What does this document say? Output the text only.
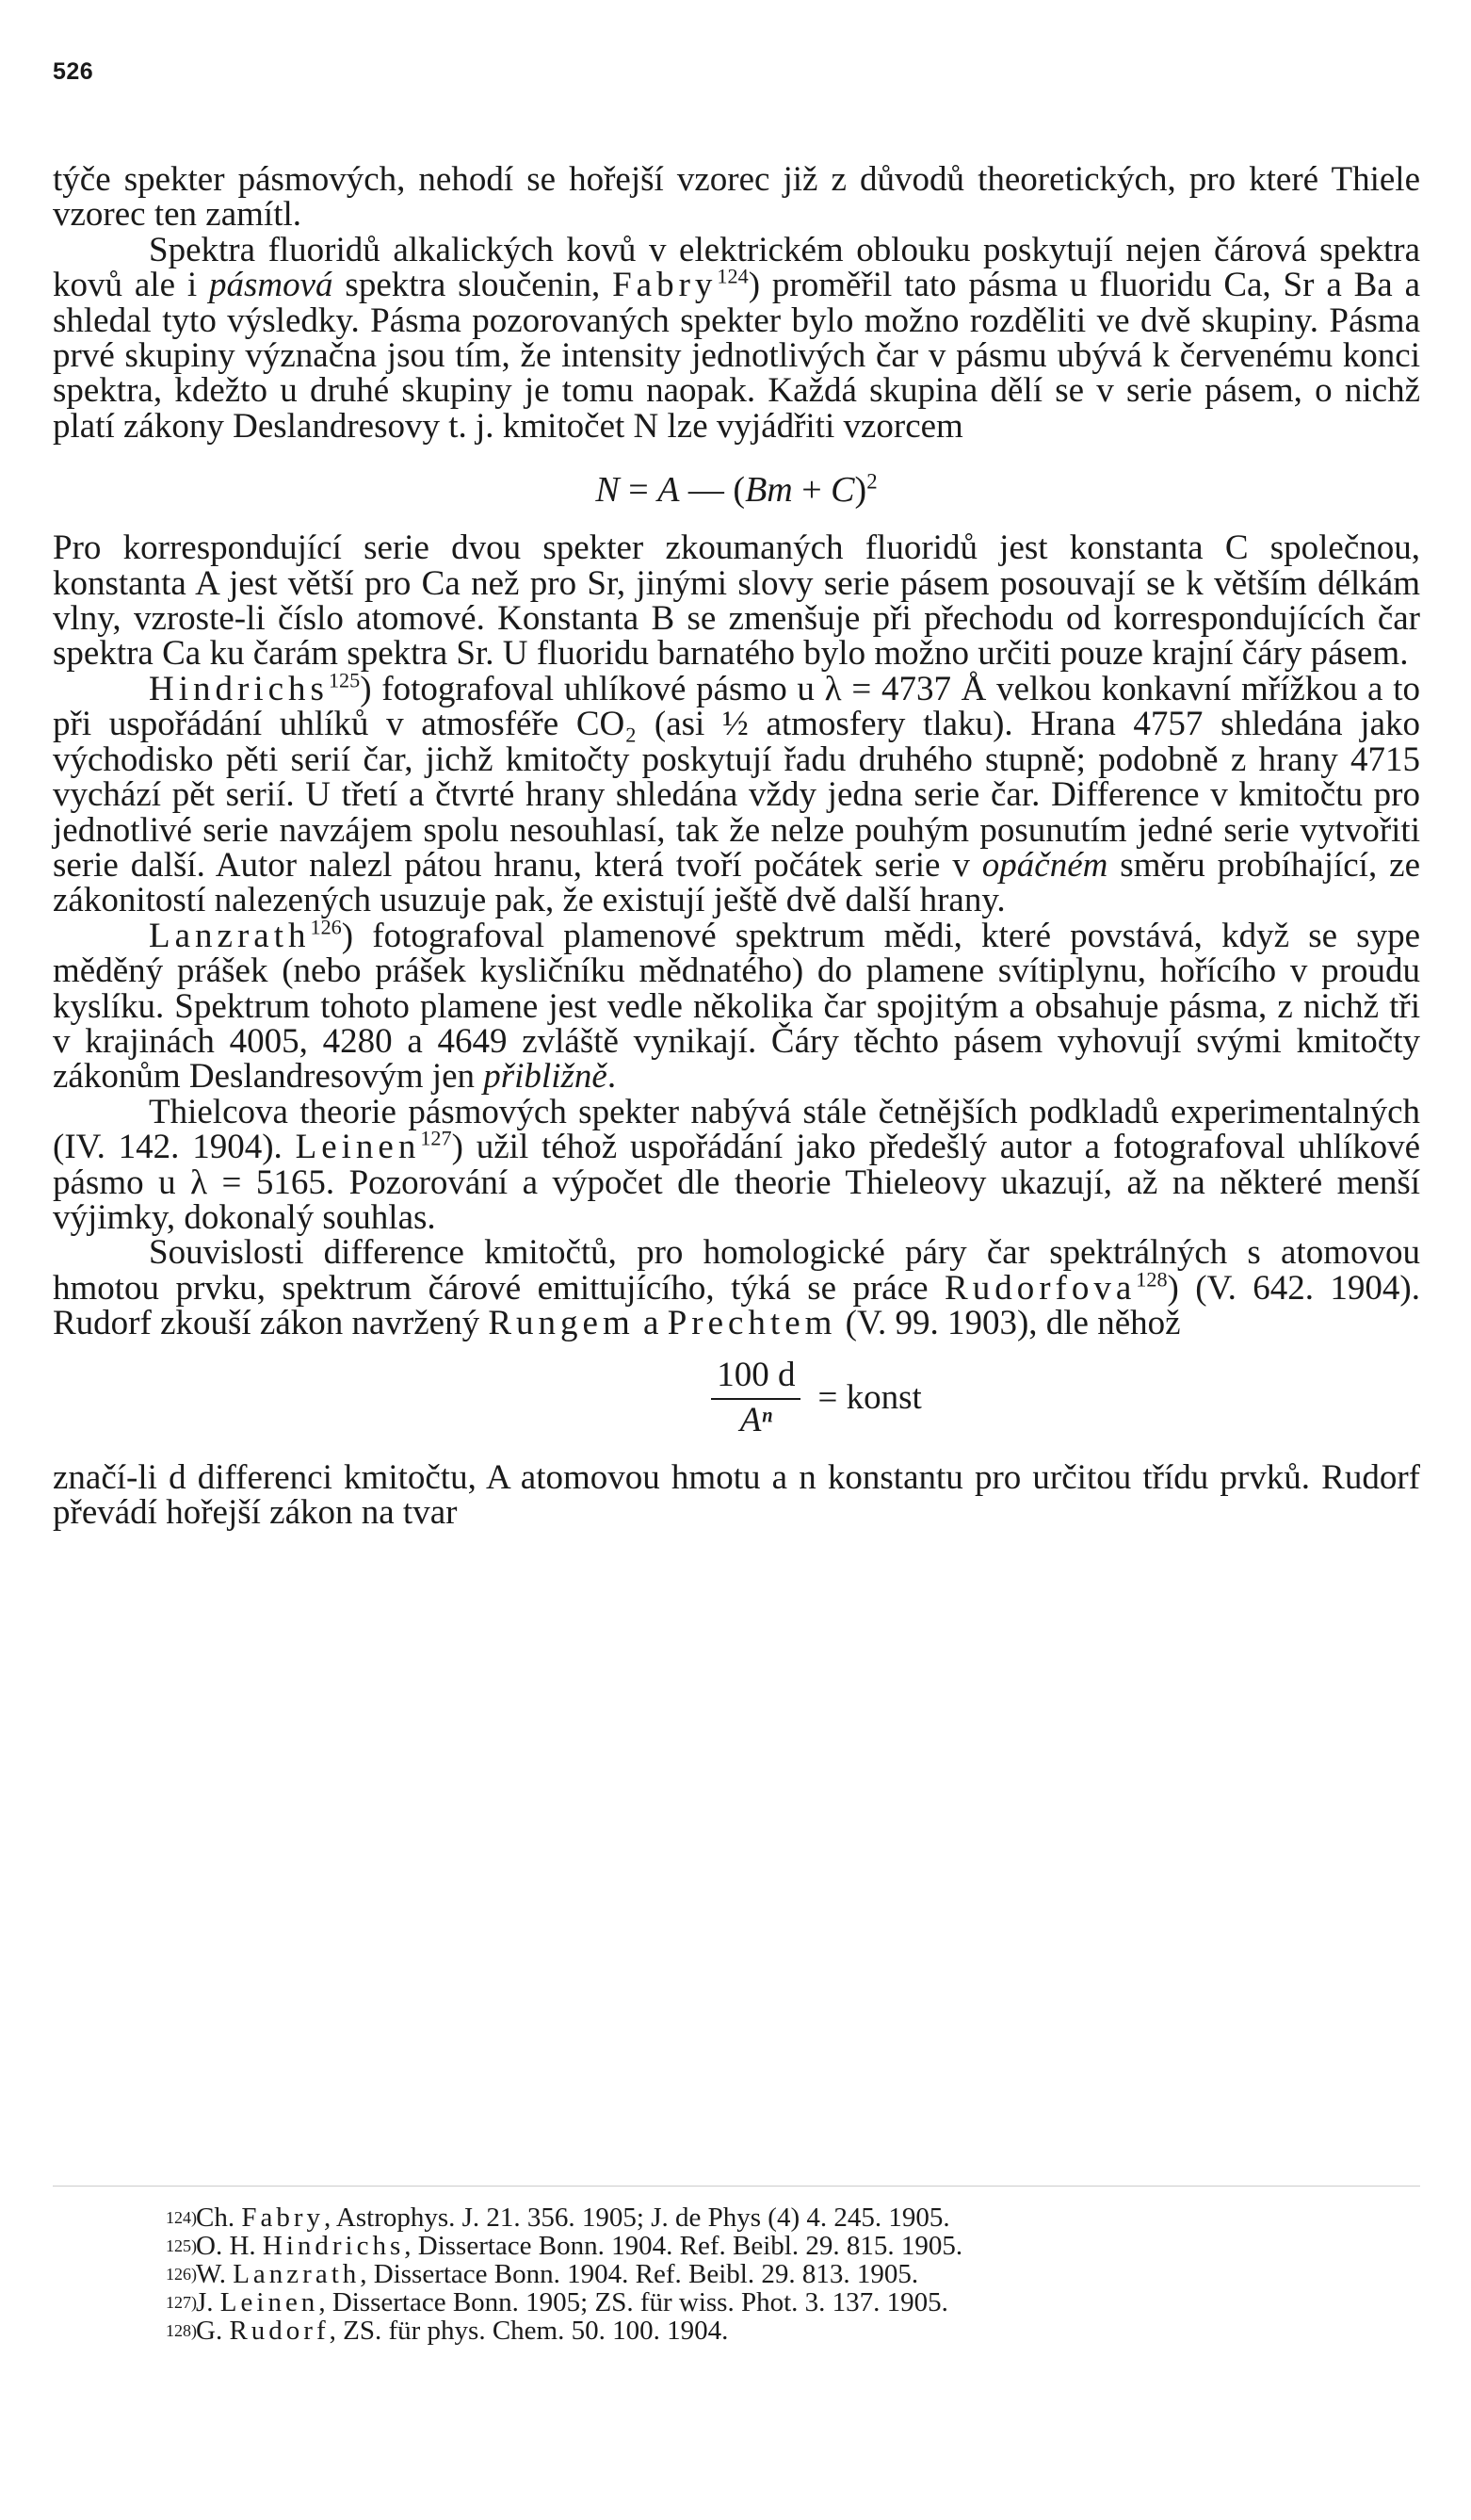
526

týče spekter pásmových, nehodí se hořejší vzorec již z důvodů theoretických, pro které Thiele vzorec ten zamítl.

Spektra fluoridů alkalických kovů v elektrickém oblouku poskytují nejen čárová spektra kovů ale i pásmová spektra sloučenin, Fabry$^{124}$) proměřil tato pásma u fluoridu Ca, Sr a Ba a shledal tyto výsledky. Pásma pozorovaných spekter bylo možno rozděliti ve dvě skupiny. Pásma prvé skupiny význačna jsou tím, že intensity jednotlivých čar v pásmu ubývá k červenému konci spektra, kdežto u druhé skupiny je tomu naopak. Každá skupina dělí se v serie pásem, o nichž platí zákony Deslandresovy t. j. kmitočet N lze vyjádřiti vzorcem

N = A — $(Bm + C)^2$

Pro korrespondující serie dvou spekter zkoumaných fluoridů jest konstanta C společnou, konstanta A jest větší pro Ca než pro Sr, jinými slovy serie pásem posouvají se k větším délkám vlny, vzroste-li číslo atomové. Konstanta B se zmenšuje při přechodu od korrespondujících čar spektra Ca ku čarám spektra Sr. U fluoridu barnatého bylo možno určiti pouze krajní čáry pásem.

Hindrichs$^{125}$) fotografoval uhlíkové pásmo u λ = 4737 Å velkou konkavní mřížkou a to při uspořádání uhlíků v atmosféře CO₂ (asi ½ atmosfery tlaku). Hrana 4757 shledána jako východisko pěti serií čar, jichž kmitočty poskytují řadu druhého stupně; podobně z hrany 4715 vychází pět serií. U třetí a čtvrté hrany shledána vždy jedna serie čar. Difference v kmitočtu pro jednotlivé serie navzájem spolu nesouhlasí, tak že nelze pouhým posunutím jedné serie vytvořiti serie další. Autor nalezl pátou hranu, která tvoří počátek serie v opáčném směru probíhající, ze zákonitostí nalezených usuzuje pak, že existují ještě dvě další hrany.

Lanzrath$^{126}$) fotografoval plamenové spektrum mědi, které povstává, když se sype měděný prášek (nebo prášek kysličníku mědnatého) do plamene svítiplynu, hořícího v proudu kyslíku. Spektrum tohoto plamene jest vedle několika čar spojitým a obsahuje pásma, z nichž tři v krajinách 4005, 4280 a 4649 zvláště vynikají. Čáry těchto pásem vyhovují svými kmitočty zákonům Deslandresovým jen přibližně.

Thielcova theorie pásmových spekter nabývá stále četnějších podkladů experimentalných (IV. 142. 1904). Leinen$^{127}$) užil téhož uspořádání jako předešlý autor a fotografoval uhlíkové pásmo u λ = 5165. Pozorování a výpočet dle theorie Thieleovy ukazují, až na některé menší výjimky, dokonalý souhlas.

Souvislosti difference kmitočtů, pro homologické páry čar spektrálných s atomovou hmotou prvku, spektrum čárové emittujícího, týká se práce Rudorfova$^{128}$) (V. 642. 1904). Rudorf zkouší zákon navržený Rungem a Prechtem (V. 99. 1903), dle něhož

$\frac{100 d}{\text{Aⁿ}}$ = konst

značí-li d differenci kmitočtu, A atomovou hmotu a n konstantu pro určitou třídu prvků. Rudorf převádí hořejší zákon na tvar

124)Ch. Fabry, Astrophys. J. 21. 356. 1905; J. de Phys (4) 4. 245. 1905.
125)O. H. Hindrichs, Dissertace Bonn. 1904. Ref. Beibl. 29. 815. 1905.
126)W. Lanzrath, Dissertace Bonn. 1904. Ref. Beibl. 29. 813. 1905.
127)J. Leinen, Dissertace Bonn. 1905; ZS. für wiss. Phot. 3. 137. 1905.
128)G. Rudorf, ZS. für phys. Chem. 50. 100. 1904.
